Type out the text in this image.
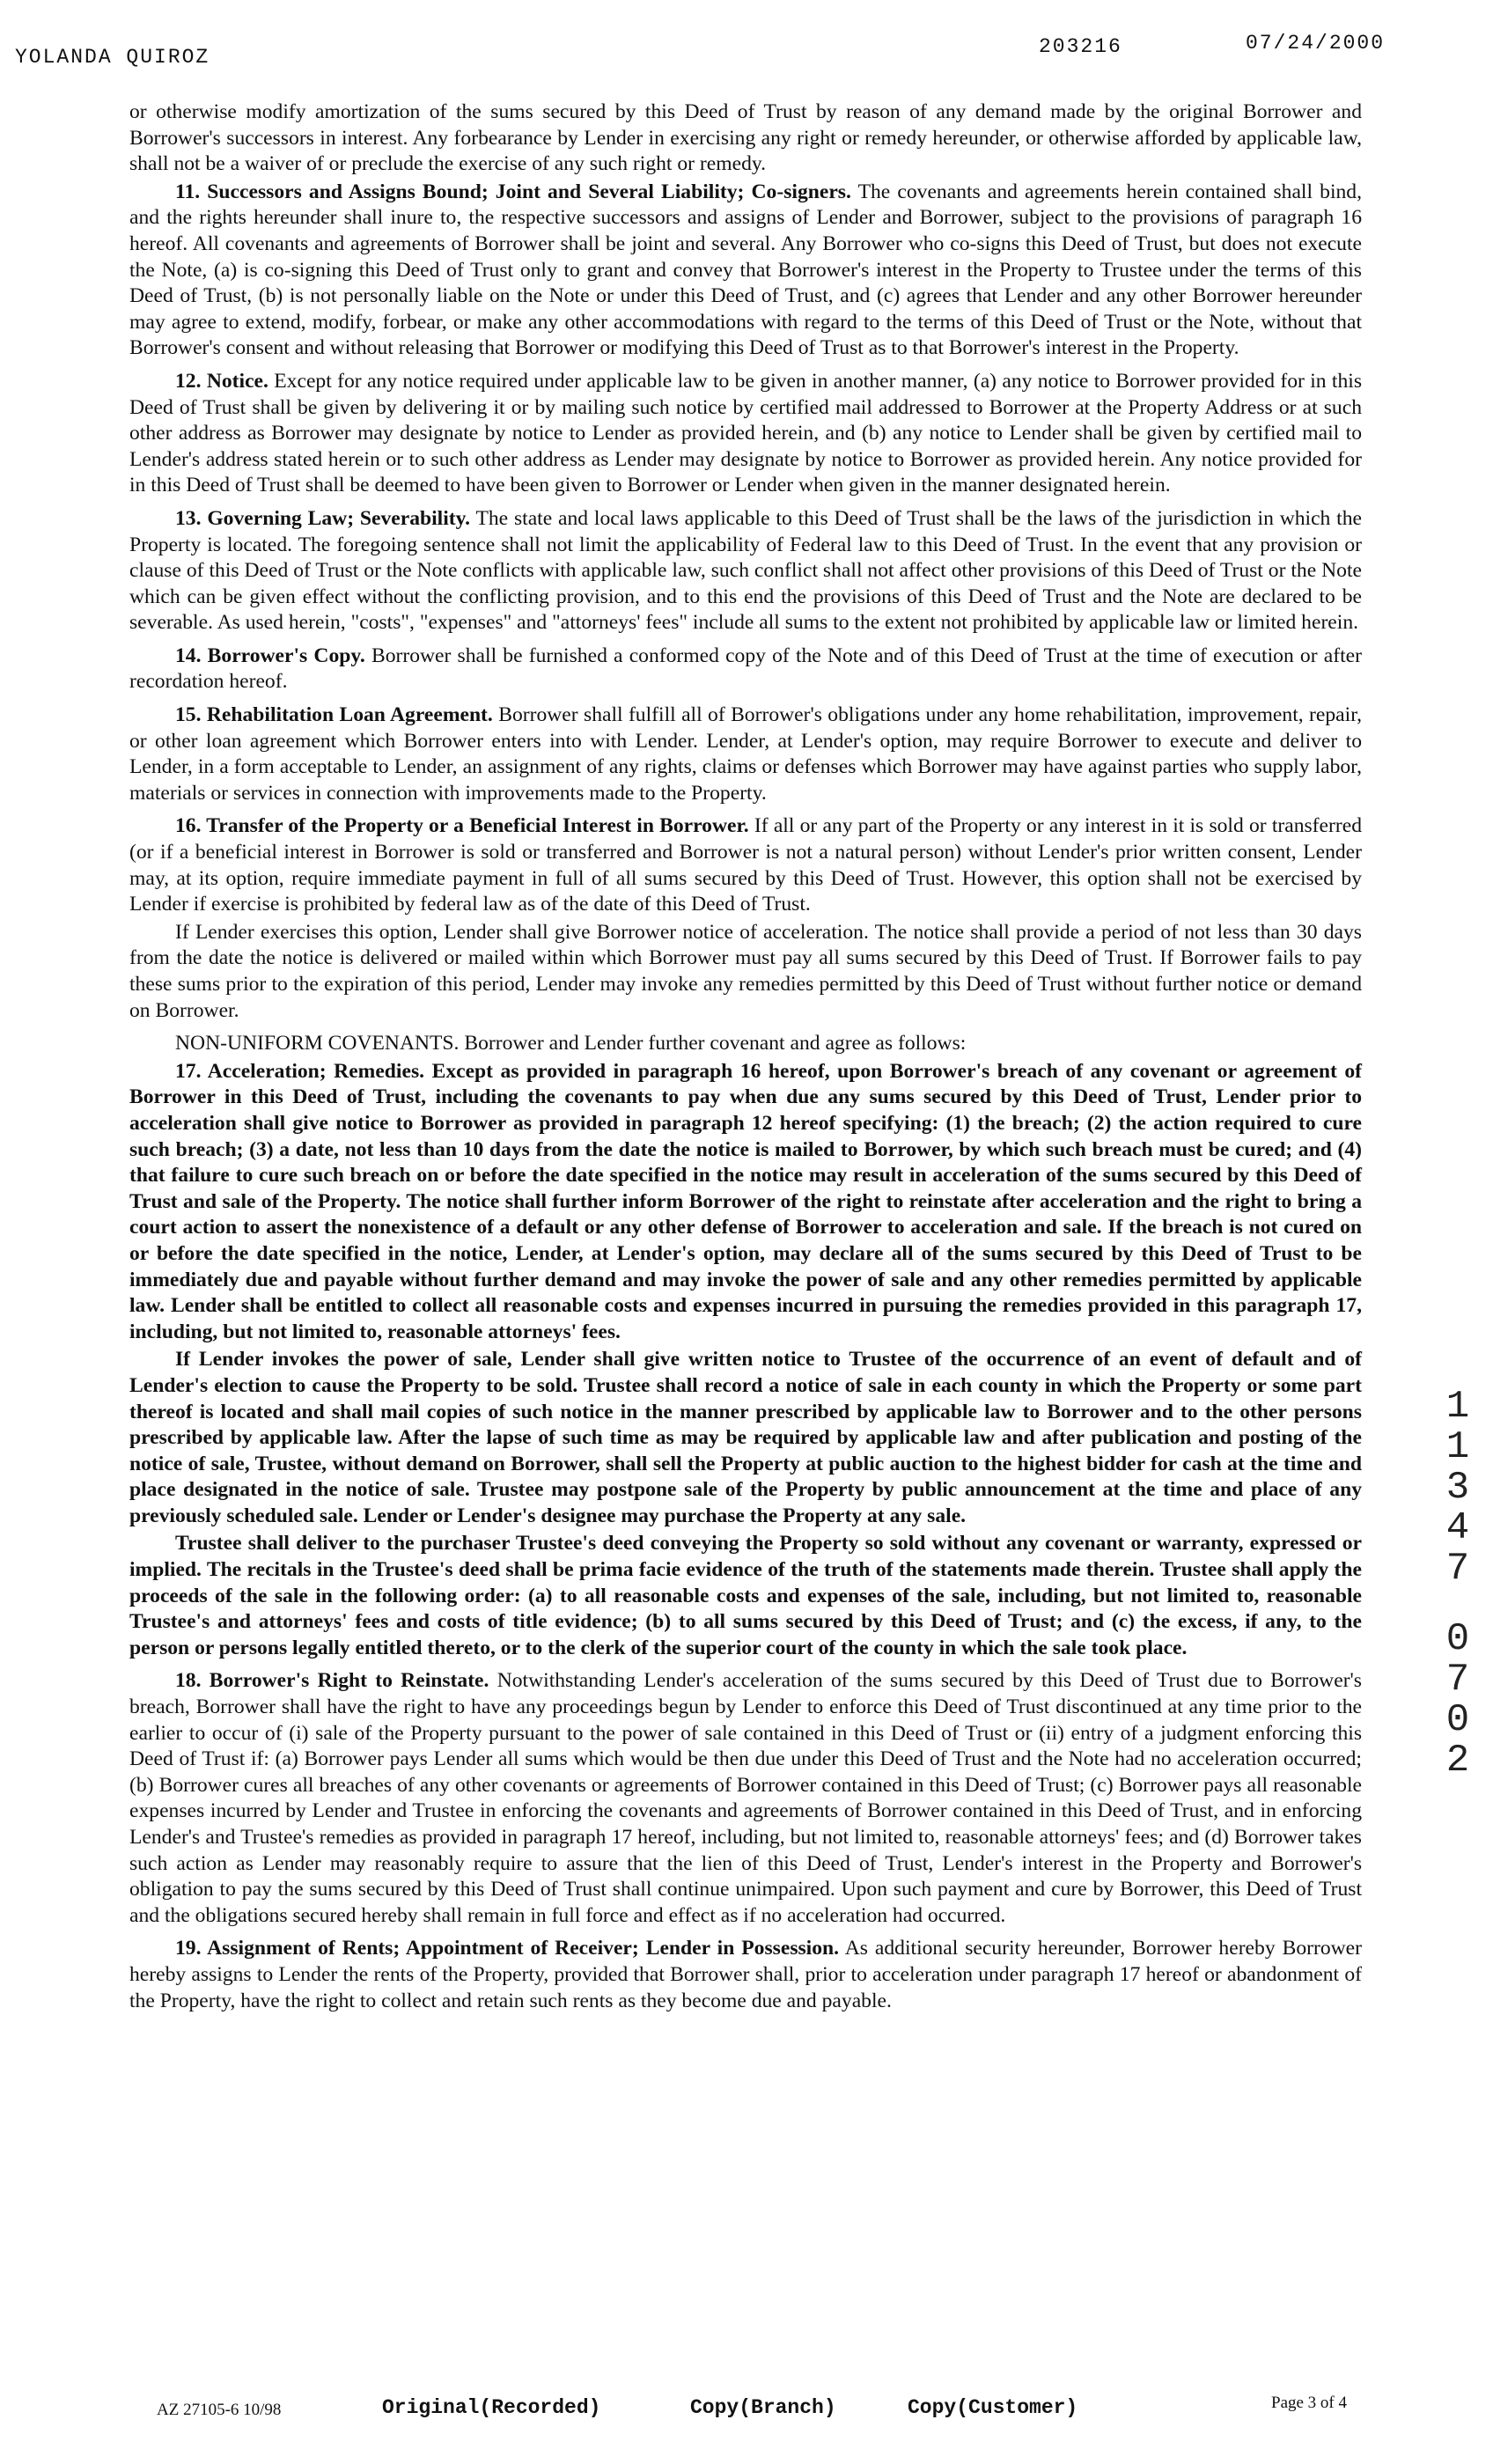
YOLANDA QUIROZ	203216	07/24/2000

or otherwise modify amortization of the sums secured by this Deed of Trust by reason of any demand made by the original Borrower and Borrower's successors in interest. Any forbearance by Lender in exercising any right or remedy hereunder, or otherwise afforded by applicable law, shall not be a waiver of or preclude the exercise of any such right or remedy.

11. Successors and Assigns Bound; Joint and Several Liability; Co-signers. The covenants and agreements herein contained shall bind, and the rights hereunder shall inure to, the respective successors and assigns of Lender and Borrower, subject to the provisions of paragraph 16 hereof. All covenants and agreements of Borrower shall be joint and several. Any Borrower who co-signs this Deed of Trust, but does not execute the Note, (a) is co-signing this Deed of Trust only to grant and convey that Borrower's interest in the Property to Trustee under the terms of this Deed of Trust, (b) is not personally liable on the Note or under this Deed of Trust, and (c) agrees that Lender and any other Borrower hereunder may agree to extend, modify, forbear, or make any other accommodations with regard to the terms of this Deed of Trust or the Note, without that Borrower's consent and without releasing that Borrower or modifying this Deed of Trust as to that Borrower's interest in the Property.

12. Notice. Except for any notice required under applicable law to be given in another manner, (a) any notice to Borrower provided for in this Deed of Trust shall be given by delivering it or by mailing such notice by certified mail addressed to Borrower at the Property Address or at such other address as Borrower may designate by notice to Lender as provided herein, and (b) any notice to Lender shall be given by certified mail to Lender's address stated herein or to such other address as Lender may designate by notice to Borrower as provided herein. Any notice provided for in this Deed of Trust shall be deemed to have been given to Borrower or Lender when given in the manner designated herein.

13. Governing Law; Severability. The state and local laws applicable to this Deed of Trust shall be the laws of the jurisdiction in which the Property is located. The foregoing sentence shall not limit the applicability of Federal law to this Deed of Trust. In the event that any provision or clause of this Deed of Trust or the Note conflicts with applicable law, such conflict shall not affect other provisions of this Deed of Trust or the Note which can be given effect without the conflicting provision, and to this end the provisions of this Deed of Trust and the Note are declared to be severable. As used herein, "costs", "expenses" and "attorneys' fees" include all sums to the extent not prohibited by applicable law or limited herein.

14. Borrower's Copy. Borrower shall be furnished a conformed copy of the Note and of this Deed of Trust at the time of execution or after recordation hereof.

15. Rehabilitation Loan Agreement. Borrower shall fulfill all of Borrower's obligations under any home rehabilitation, improvement, repair, or other loan agreement which Borrower enters into with Lender. Lender, at Lender's option, may require Borrower to execute and deliver to Lender, in a form acceptable to Lender, an assignment of any rights, claims or defenses which Borrower may have against parties who supply labor, materials or services in connection with improvements made to the Property.

16. Transfer of the Property or a Beneficial Interest in Borrower. If all or any part of the Property or any interest in it is sold or transferred (or if a beneficial interest in Borrower is sold or transferred and Borrower is not a natural person) without Lender's prior written consent, Lender may, at its option, require immediate payment in full of all sums secured by this Deed of Trust. However, this option shall not be exercised by Lender if exercise is prohibited by federal law as of the date of this Deed of Trust.

If Lender exercises this option, Lender shall give Borrower notice of acceleration. The notice shall provide a period of not less than 30 days from the date the notice is delivered or mailed within which Borrower must pay all sums secured by this Deed of Trust. If Borrower fails to pay these sums prior to the expiration of this period, Lender may invoke any remedies permitted by this Deed of Trust without further notice or demand on Borrower.

NON-UNIFORM COVENANTS. Borrower and Lender further covenant and agree as follows:

17. Acceleration; Remedies. Except as provided in paragraph 16 hereof, upon Borrower's breach of any covenant or agreement of Borrower in this Deed of Trust, including the covenants to pay when due any sums secured by this Deed of Trust, Lender prior to acceleration shall give notice to Borrower as provided in paragraph 12 hereof specifying: (1) the breach; (2) the action required to cure such breach; (3) a date, not less than 10 days from the date the notice is mailed to Borrower, by which such breach must be cured; and (4) that failure to cure such breach on or before the date specified in the notice may result in acceleration of the sums secured by this Deed of Trust and sale of the Property. The notice shall further inform Borrower of the right to reinstate after acceleration and the right to bring a court action to assert the nonexistence of a default or any other defense of Borrower to acceleration and sale. If the breach is not cured on or before the date specified in the notice, Lender, at Lender's option, may declare all of the sums secured by this Deed of Trust to be immediately due and payable without further demand and may invoke the power of sale and any other remedies permitted by applicable law. Lender shall be entitled to collect all reasonable costs and expenses incurred in pursuing the remedies provided in this paragraph 17, including, but not limited to, reasonable attorneys' fees.

If Lender invokes the power of sale, Lender shall give written notice to Trustee of the occurrence of an event of default and of Lender's election to cause the Property to be sold. Trustee shall record a notice of sale in each county in which the Property or some part thereof is located and shall mail copies of such notice in the manner prescribed by applicable law to Borrower and to the other persons prescribed by applicable law. After the lapse of such time as may be required by applicable law and after publication and posting of the notice of sale, Trustee, without demand on Borrower, shall sell the Property at public auction to the highest bidder for cash at the time and place designated in the notice of sale. Trustee may postpone sale of the Property by public announcement at the time and place of any previously scheduled sale. Lender or Lender's designee may purchase the Property at any sale.

Trustee shall deliver to the purchaser Trustee's deed conveying the Property so sold without any covenant or warranty, expressed or implied. The recitals in the Trustee's deed shall be prima facie evidence of the truth of the statements made therein. Trustee shall apply the proceeds of the sale in the following order: (a) to all reasonable costs and expenses of the sale, including, but not limited to, reasonable Trustee's and attorneys' fees and costs of title evidence; (b) to all sums secured by this Deed of Trust; and (c) the excess, if any, to the person or persons legally entitled thereto, or to the clerk of the superior court of the county in which the sale took place.

18. Borrower's Right to Reinstate. Notwithstanding Lender's acceleration of the sums secured by this Deed of Trust due to Borrower's breach, Borrower shall have the right to have any proceedings begun by Lender to enforce this Deed of Trust discontinued at any time prior to the earlier to occur of (i) sale of the Property pursuant to the power of sale contained in this Deed of Trust or (ii) entry of a judgment enforcing this Deed of Trust if: (a) Borrower pays Lender all sums which would be then due under this Deed of Trust and the Note had no acceleration occurred; (b) Borrower cures all breaches of any other covenants or agreements of Borrower contained in this Deed of Trust; (c) Borrower pays all reasonable expenses incurred by Lender and Trustee in enforcing the covenants and agreements of Borrower contained in this Deed of Trust, and in enforcing Lender's and Trustee's remedies as provided in paragraph 17 hereof, including, but not limited to, reasonable attorneys' fees; and (d) Borrower takes such action as Lender may reasonably require to assure that the lien of this Deed of Trust, Lender's interest in the Property and Borrower's obligation to pay the sums secured by this Deed of Trust shall continue unimpaired. Upon such payment and cure by Borrower, this Deed of Trust and the obligations secured hereby shall remain in full force and effect as if no acceleration had occurred.

19. Assignment of Rents; Appointment of Receiver; Lender in Possession. As additional security hereunder, Borrower hereby Borrower hereby assigns to Lender the rents of the Property, provided that Borrower shall, prior to acceleration under paragraph 17 hereof or abandonment of the Property, have the right to collect and retain such rents as they become due and payable.

1
1
3
4
7
0
7
0
2
AZ 27105-6 10/98	Original(Recorded)	Copy(Branch)	Copy(Customer)	Page 3 of 4
